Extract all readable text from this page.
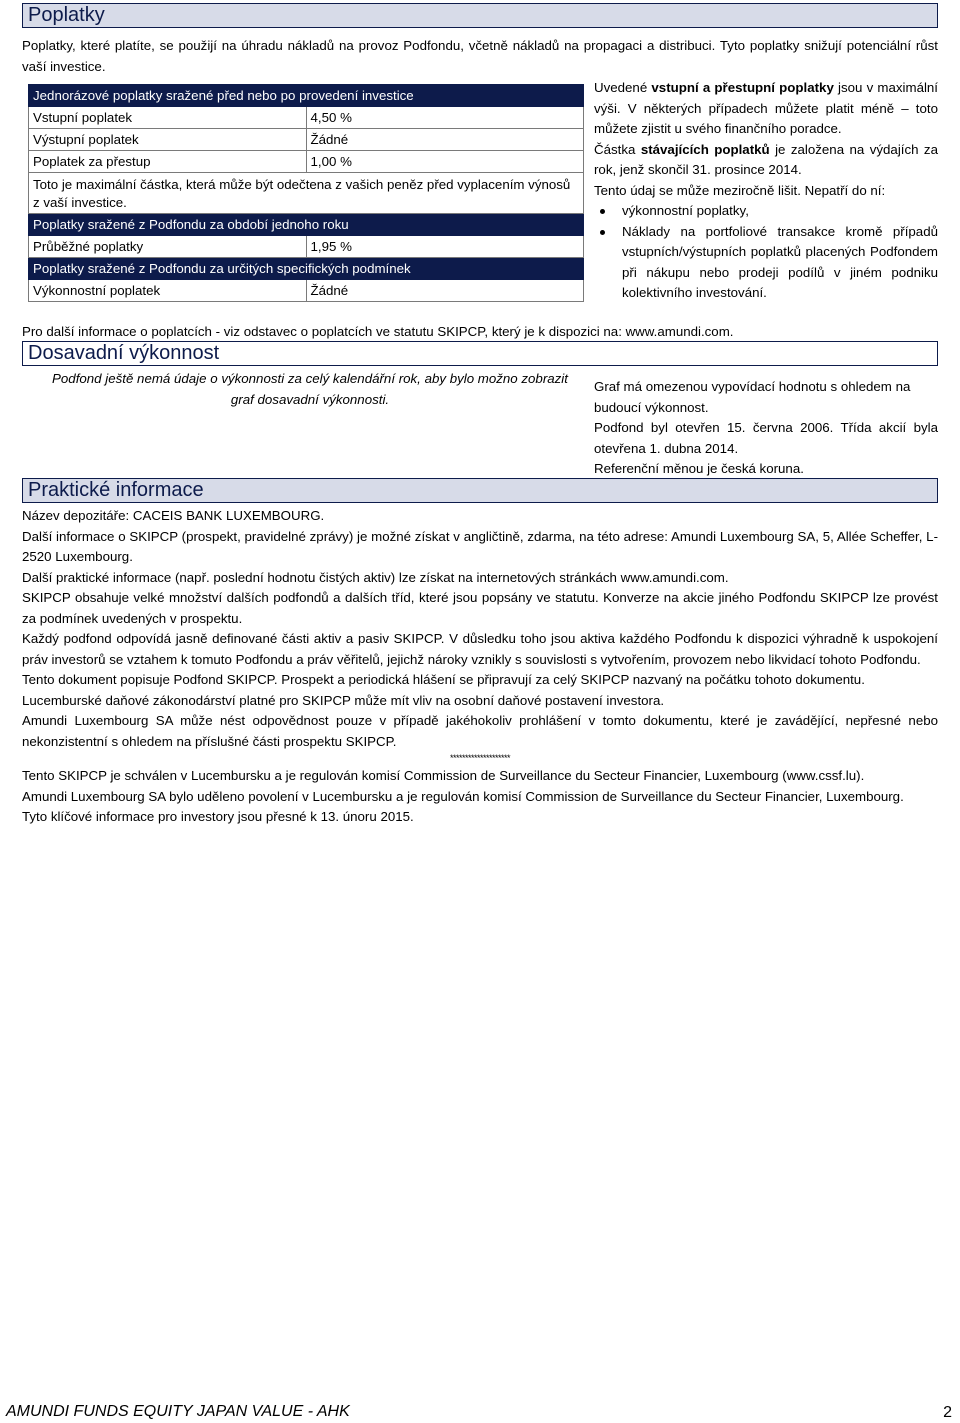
Poplatky
Poplatky, které platíte, se použijí na úhradu nákladů na provoz Podfondu, včetně nákladů na propagaci a distribuci. Tyto poplatky snižují potenciální růst vaší investice.
Jednorázové poplatky sražené před nebo po provedení investice	
Vstupní poplatek	4,50 %
Výstupní poplatek	Žádné
Poplatek za přestup	1,00 %
Toto je maximální částka, která může být odečtena z vašich peněz před vyplacením výnosů z vaší investice.	
Poplatky sražené z Podfondu za období jednoho roku	
Průběžné poplatky	1,95 %
Poplatky sražené z Podfondu za určitých specifických podmínek	
Výkonnostní poplatek	Žádné

Uvedené vstupní a přestupní poplatky jsou v maximální výši. V některých případech můžete platit méně – toto můžete zjistit u svého finančního poradce.

Částka stávajících poplatků je založena na výdajích za rok, jenž skončil 31. prosince 2014.

Tento údaj se může meziročně lišit. Nepatří do ní:

výkonnostní poplatky,
Náklady na portfoliové transakce kromě případů vstupních/výstupních poplatků placených Podfondem při nákupu nebo prodeji podílů v jiném podniku kolektivního investování.
Pro další informace o poplatcích - viz odstavec o poplatcích ve statutu SKIPCP, který je k dispozici na: www.amundi.com.
Dosavadní výkonnost
Podfond ještě nemá údaje o výkonnosti za celý kalendářní rok, aby bylo možno zobrazit graf dosavadní výkonnosti.

Graf má omezenou vypovídací hodnotu s ohledem na budoucí výkonnost.

Podfond byl otevřen 15. června 2006. Třída akcií byla otevřena 1. dubna 2014.

Referenční měnou je česká koruna.

Praktické informace

Název depozitáře: CACEIS BANK LUXEMBOURG.

Další informace o SKIPCP (prospekt, pravidelné zprávy) je možné získat v angličtině, zdarma, na této adrese: Amundi Luxembourg SA, 5, Allée Scheffer, L-2520 Luxembourg.

Další praktické informace (např. poslední hodnotu čistých aktiv) lze získat na internetových stránkách www.amundi.com.

SKIPCP obsahuje velké množství dalších podfondů a dalších tříd, které jsou popsány ve statutu. Konverze na akcie jiného Podfondu SKIPCP lze provést za podmínek uvedených v prospektu.

Každý podfond odpovídá jasně definované části aktiv a pasiv SKIPCP. V důsledku toho jsou aktiva každého Podfondu k dispozici výhradně k uspokojení práv investorů se vztahem k tomuto Podfondu a práv věřitelů, jejichž nároky vznikly s souvislosti s vytvořením, provozem nebo likvidací tohoto Podfondu.

Tento dokument popisuje Podfond SKIPCP. Prospekt a periodická hlášení se připravují za celý SKIPCP nazvaný na počátku tohoto dokumentu.

Lucemburské daňové zákonodárství platné pro SKIPCP může mít vliv na osobní daňové postavení investora.

Amundi Luxembourg SA může nést odpovědnost pouze v případě jakéhokoliv prohlášení v tomto dokumentu, které je zavádějící, nepřesné nebo nekonzistentní s ohledem na příslušné části prospektu SKIPCP.

********************

Tento SKIPCP je schválen v Lucembursku a je regulován komisí Commission de Surveillance du Secteur Financier, Luxembourg (www.cssf.lu).

Amundi Luxembourg SA bylo uděleno povolení v Lucembursku a je regulován komisí Commission de Surveillance du Secteur Financier, Luxembourg.

Tyto klíčové informace pro investory jsou přesné k 13. únoru 2015.

AMUNDI FUNDS EQUITY JAPAN VALUE - AHK	2
